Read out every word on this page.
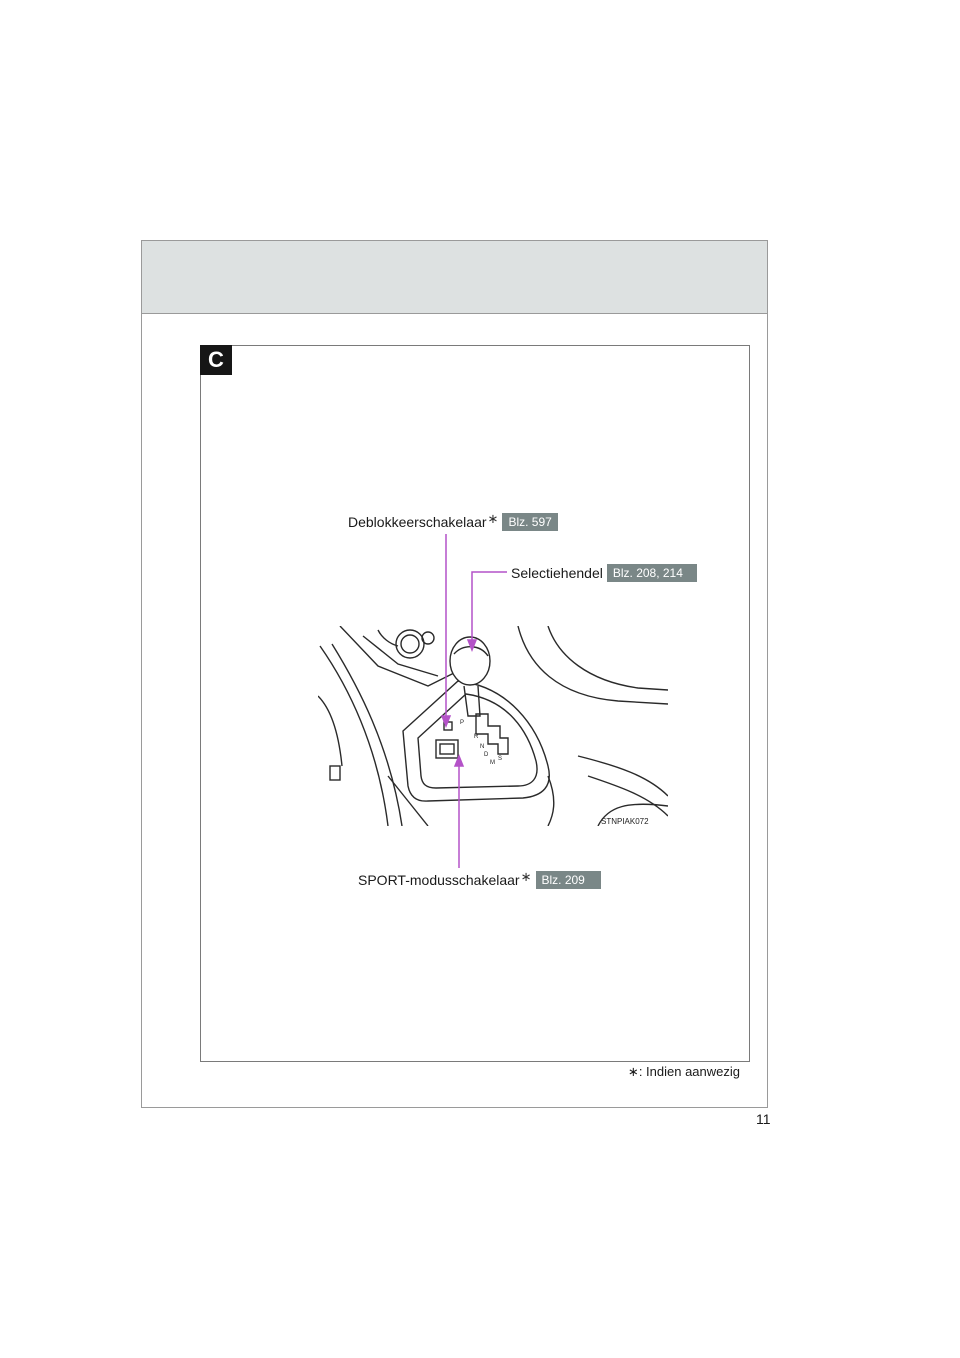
C
P
R
N
D
M
S
STNPIAK072
Deblokkeerschakelaar ∗ Blz. 597
Selectiehendel Blz. 208, 214
SPORT-modusschakelaar ∗ Blz. 209
∗: Indien aanwezig
11
